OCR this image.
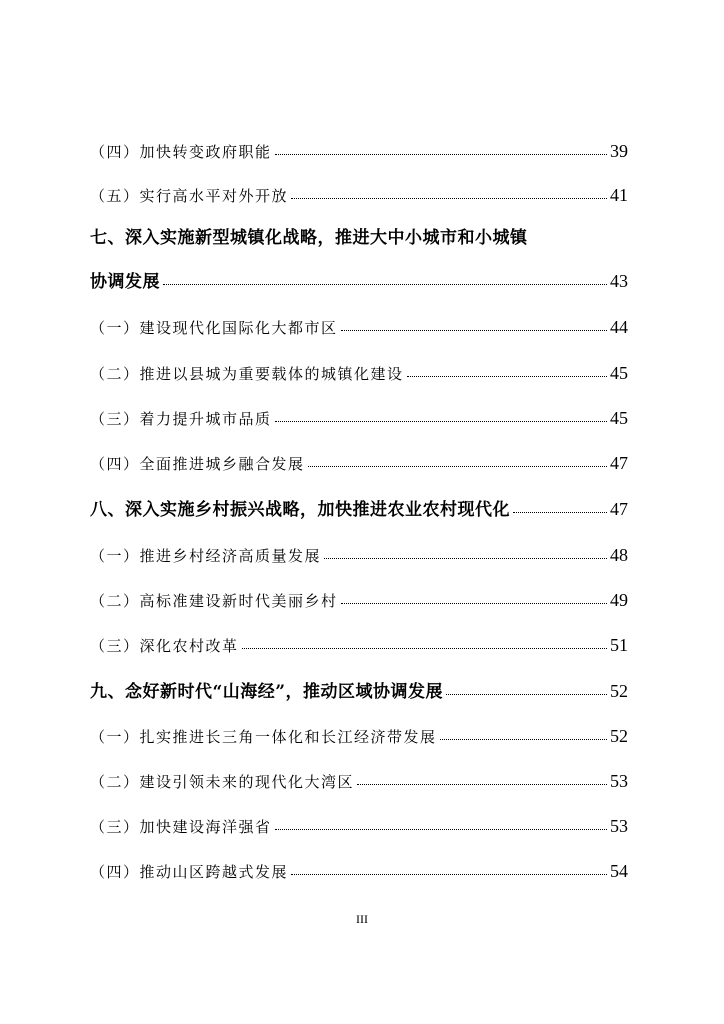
（四）加快转变政府职能	39
（五）实行高水平对外开放	41
七、深入实施新型城镇化战略，推进大中小城市和小城镇
协调发展	43
（一）建设现代化国际化大都市区	44
（二）推进以县城为重要载体的城镇化建设	45
（三）着力提升城市品质	45
（四）全面推进城乡融合发展	47
八、深入实施乡村振兴战略，加快推进农业农村现代化	47
（一）推进乡村经济高质量发展	48
（二）高标准建设新时代美丽乡村	49
（三）深化农村改革	51
九、念好新时代“山海经”，推动区域协调发展	52
（一）扎实推进长三角一体化和长江经济带发展	52
（二）建设引领未来的现代化大湾区	53
（三）加快建设海洋强省	53
（四）推动山区跨越式发展	54
III
